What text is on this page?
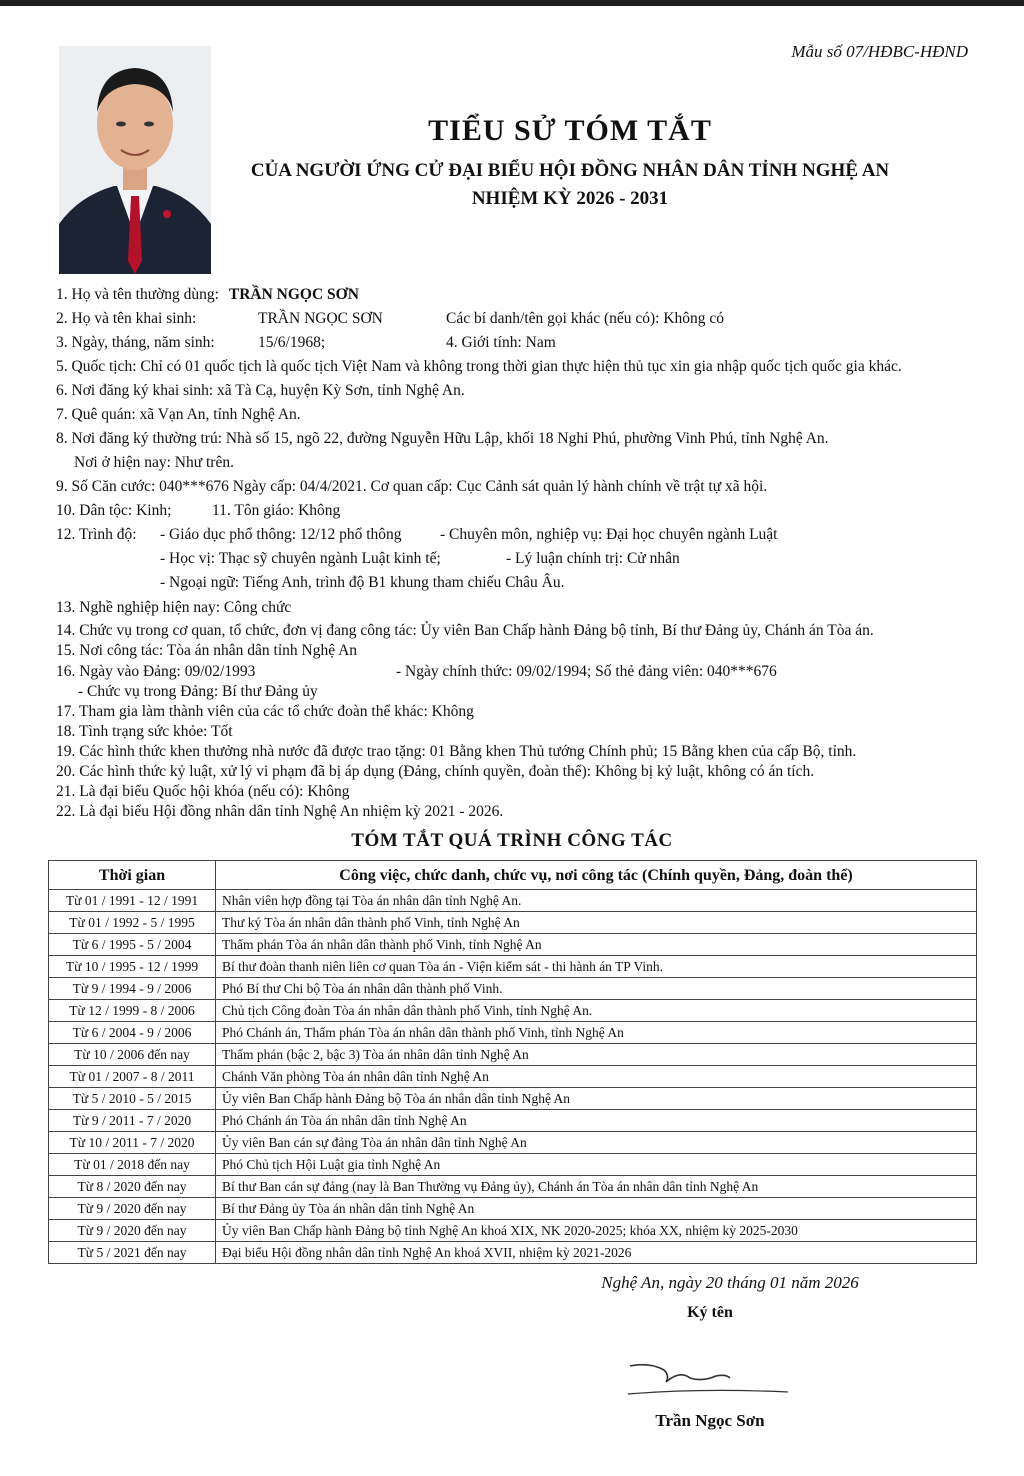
Mẫu số 07/HĐBC-HĐND
TIỂU SỬ TÓM TẮT
CỦA NGƯỜI ỨNG CỬ ĐẠI BIỂU HỘI ĐỒNG NHÂN DÂN TỈNH NGHỆ AN
NHIỆM KỲ 2026 - 2031
1. Họ và tên thường dùng: TRẦN NGỌC SƠN
2. Họ và tên khai sinh:	TRẦN NGỌC SƠN	Các bí danh/tên gọi khác (nếu có): Không có
3. Ngày, tháng, năm sinh:	15/6/1968;	4. Giới tính: Nam
5. Quốc tịch: Chỉ có 01 quốc tịch là quốc tịch Việt Nam và không trong thời gian thực hiện thủ tục xin gia nhập quốc tịch quốc gia khác.
6. Nơi đăng ký khai sinh: xã Tà Cạ, huyện Kỳ Sơn, tỉnh Nghệ An.
7. Quê quán: xã Vạn An, tỉnh Nghệ An.
8. Nơi đăng ký thường trú: Nhà số 15, ngõ 22, đường Nguyễn Hữu Lập, khối 18 Nghi Phú, phường Vinh Phú, tỉnh Nghệ An.
Nơi ở hiện nay: Như trên.
9. Số Căn cước: 040***676 Ngày cấp: 04/4/2021. Cơ quan cấp: Cục Cảnh sát quản lý hành chính về trật tự xã hội.
10. Dân tộc: Kinh;	11. Tôn giáo: Không
12. Trình độ: - Giáo dục phổ thông: 12/12 phổ thông - Chuyên môn, nghiệp vụ: Đại học chuyên ngành Luật
- Học vị: Thạc sỹ chuyên ngành Luật kinh tế;	- Lý luận chính trị: Cử nhân
- Ngoại ngữ: Tiếng Anh, trình độ B1 khung tham chiếu Châu Âu.
13. Nghề nghiệp hiện nay: Công chức
14. Chức vụ trong cơ quan, tổ chức, đơn vị đang công tác: Ủy viên Ban Chấp hành Đảng bộ tỉnh, Bí thư Đảng ủy, Chánh án Tòa án.
15. Nơi công tác: Tòa án nhân dân tỉnh Nghệ An
16. Ngày vào Đảng: 09/02/1993	- Ngày chính thức: 09/02/1994; Số thẻ đảng viên: 040***676
- Chức vụ trong Đảng: Bí thư Đảng ủy
17. Tham gia làm thành viên của các tổ chức đoàn thể khác: Không
18. Tình trạng sức khỏe: Tốt
19. Các hình thức khen thưởng nhà nước đã được trao tặng: 01 Bằng khen Thủ tướng Chính phủ; 15 Bằng khen của cấp Bộ, tỉnh.
20. Các hình thức kỷ luật, xử lý vi phạm đã bị áp dụng (Đảng, chính quyền, đoàn thể): Không bị kỷ luật, không có án tích.
21. Là đại biểu Quốc hội khóa (nếu có): Không
22. Là đại biểu Hội đồng nhân dân tỉnh Nghệ An nhiệm kỳ 2021 - 2026.
TÓM TẮT QUÁ TRÌNH CÔNG TÁC
Thời gian	Công việc, chức danh, chức vụ, nơi công tác (Chính quyền, Đảng, đoàn thể)
Từ 01 / 1991 - 12 / 1991	Nhân viên hợp đồng tại Tòa án nhân dân tỉnh Nghệ An.
Từ 01 / 1992 - 5 / 1995	Thư ký Tòa án nhân dân thành phố Vinh, tỉnh Nghệ An
Từ 6 / 1995 - 5 / 2004	Thẩm phán Tòa án nhân dân thành phố Vinh, tỉnh Nghệ An
Từ 10 / 1995 - 12 / 1999	Bí thư đoàn thanh niên liên cơ quan Tòa án - Viện kiểm sát - thi hành án TP Vinh.
Từ 9 / 1994 - 9 / 2006	Phó Bí thư Chi bộ Tòa án nhân dân thành phố Vinh.
Từ 12 / 1999 - 8 / 2006	Chủ tịch Công đoàn Tòa án nhân dân thành phố Vinh, tỉnh Nghệ An.
Từ 6 / 2004 - 9 / 2006	Phó Chánh án, Thẩm phán Tòa án nhân dân thành phố Vinh, tỉnh Nghệ An
Từ 10 / 2006 đến nay	Thẩm phán (bậc 2, bậc 3) Tòa án nhân dân tỉnh Nghệ An
Từ 01 / 2007 - 8 / 2011	Chánh Văn phòng Tòa án nhân dân tỉnh Nghệ An
Từ 5 / 2010 - 5 / 2015	Ủy viên Ban Chấp hành Đảng bộ Tòa án nhân dân tỉnh Nghệ An
Từ 9 / 2011 - 7 / 2020	Phó Chánh án Tòa án nhân dân tỉnh Nghệ An
Từ 10 / 2011 - 7 / 2020	Ủy viên Ban cán sự đảng Tòa án nhân dân tỉnh Nghệ An
Từ 01 / 2018 đến nay	Phó Chủ tịch Hội Luật gia tỉnh Nghệ An
Từ 8 / 2020 đến nay	Bí thư Ban cán sự đảng (nay là Ban Thường vụ Đảng ủy), Chánh án Tòa án nhân dân tỉnh Nghệ An
Từ 9 / 2020 đến nay	Bí thư Đảng ủy Tòa án nhân dân tỉnh Nghệ An
Từ 9 / 2020 đến nay	Ủy viên Ban Chấp hành Đảng bộ tỉnh Nghệ An khoá XIX, NK 2020-2025; khóa XX, nhiệm kỳ 2025-2030
Từ 5 / 2021 đến nay	Đại biểu Hội đồng nhân dân tỉnh Nghệ An khoá XVII, nhiệm kỳ 2021-2026
Nghệ An, ngày 20 tháng 01 năm 2026
Ký tên
Trần Ngọc Sơn
